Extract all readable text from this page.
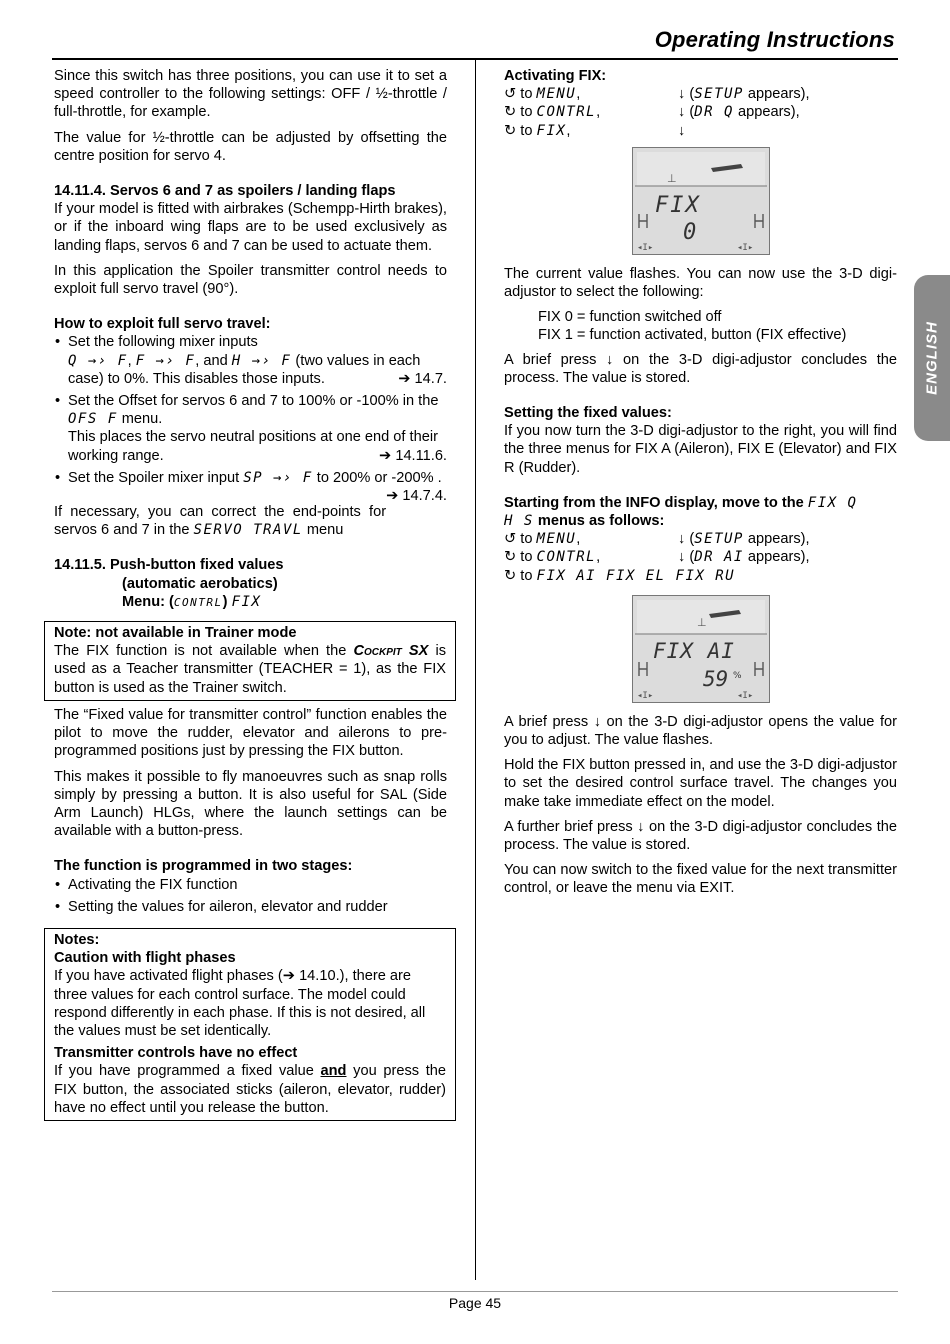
Operating Instructions
ENGLISH

Since this switch has three positions, you can use it to set a speed controller to the following settings: OFF / ½-throttle / full-throttle, for example.

The value for ½-throttle can be adjusted by offsetting the centre position for servo 4.

14.11.4. Servos 6 and 7 as spoilers / landing flaps

If your model is fitted with airbrakes (Schempp-Hirth brakes), or if the inboard wing flaps are to be used exclusively as landing flaps, servos 6 and 7 can be used to actuate them.

In this application the Spoiler transmitter control needs to exploit full servo travel (90°).

How to exploit full servo travel:
• Set the following mixer inputs
Q →› F, F →› F, and H →› F (two values in each case) to 0%. This disables those inputs.	➔ 14.7.
• Set the Offset for servos 6 and 7 to 100% or -100% in the OFS F menu.
This places the servo neutral positions at one end of their working range.	➔ 14.11.6.
• Set the Spoiler mixer input SP →› F to 200% or -200% .
➔ 14.7.4.

If necessary, you can correct the end-points for servos 6 and 7 in the SERVO TRAVL menu

14.11.5. Push-button fixed values
(automatic aerobatics)
Menu: (CONTRL) FIX
Note: not available in Trainer mode

The FIX function is not available when the Cockpit SX is used as a Teacher transmitter (TEACHER = 1), as the FIX button is used as the Trainer switch.

The “Fixed value for transmitter control” function enables the pilot to move the rudder, elevator and ailerons to pre-programmed positions just by pressing the FIX button.

This makes it possible to fly manoeuvres such as snap rolls simply by pressing a button. It is also useful for SAL (Side Arm Launch) HLGs, where the launch settings can be available with a button-press.

The function is programmed in two stages:
• Activating the FIX function
• Setting the values for aileron, elevator and rudder
Notes:
Caution with flight phases

If you have activated flight phases (➔ 14.10.), there are three values for each control surface. The model could respond differently in each phase. If this is not desired, all the values must be set identically.

Transmitter controls have no effect

If you have programmed a fixed value and you press the FIX button, the associated sticks (aileron, elevator, rudder) have no effect until you release the button.

Activating FIX:
↺ to MENU,	↓ (SETUP appears),
↻ to CONTRL,	↓ (DR Q appears),
↻ to FIX,	↓
⊥
◂I▸	◂I▸
FIX
0

The current value flashes. You can now use the 3-D digi-adjustor to select the following:

FIX 0 = function switched off
FIX 1 = function activated, button (FIX effective)

A brief press ↓ on the 3-D digi-adjustor concludes the process. The value is stored.

Setting the fixed values:

If you now turn the 3-D digi-adjustor to the right, you will find the three menus for FIX A (Aileron), FIX E (Elevator) and FIX R (Rudder).

Starting from the INFO display, move to the FIX Q
H S menus as follows:
↺ to MENU,	↓ (SETUP appears),
↻ to CONTRL,	↓ (DR AI appears),
↻ to FIX AI FIX EL FIX RU
⊥
◂I▸	◂I▸
FIX AI
59 %

A brief press ↓ on the 3-D digi-adjustor opens the value for you to adjust. The value flashes.

Hold the FIX button pressed in, and use the 3-D digi-adjustor to set the desired control surface travel. The changes you make take immediate effect on the model.

A further brief press ↓ on the 3-D digi-adjustor concludes the process. The value is stored.

You can now switch to the fixed value for the next transmitter control, or leave the menu via EXIT.

Page 45
